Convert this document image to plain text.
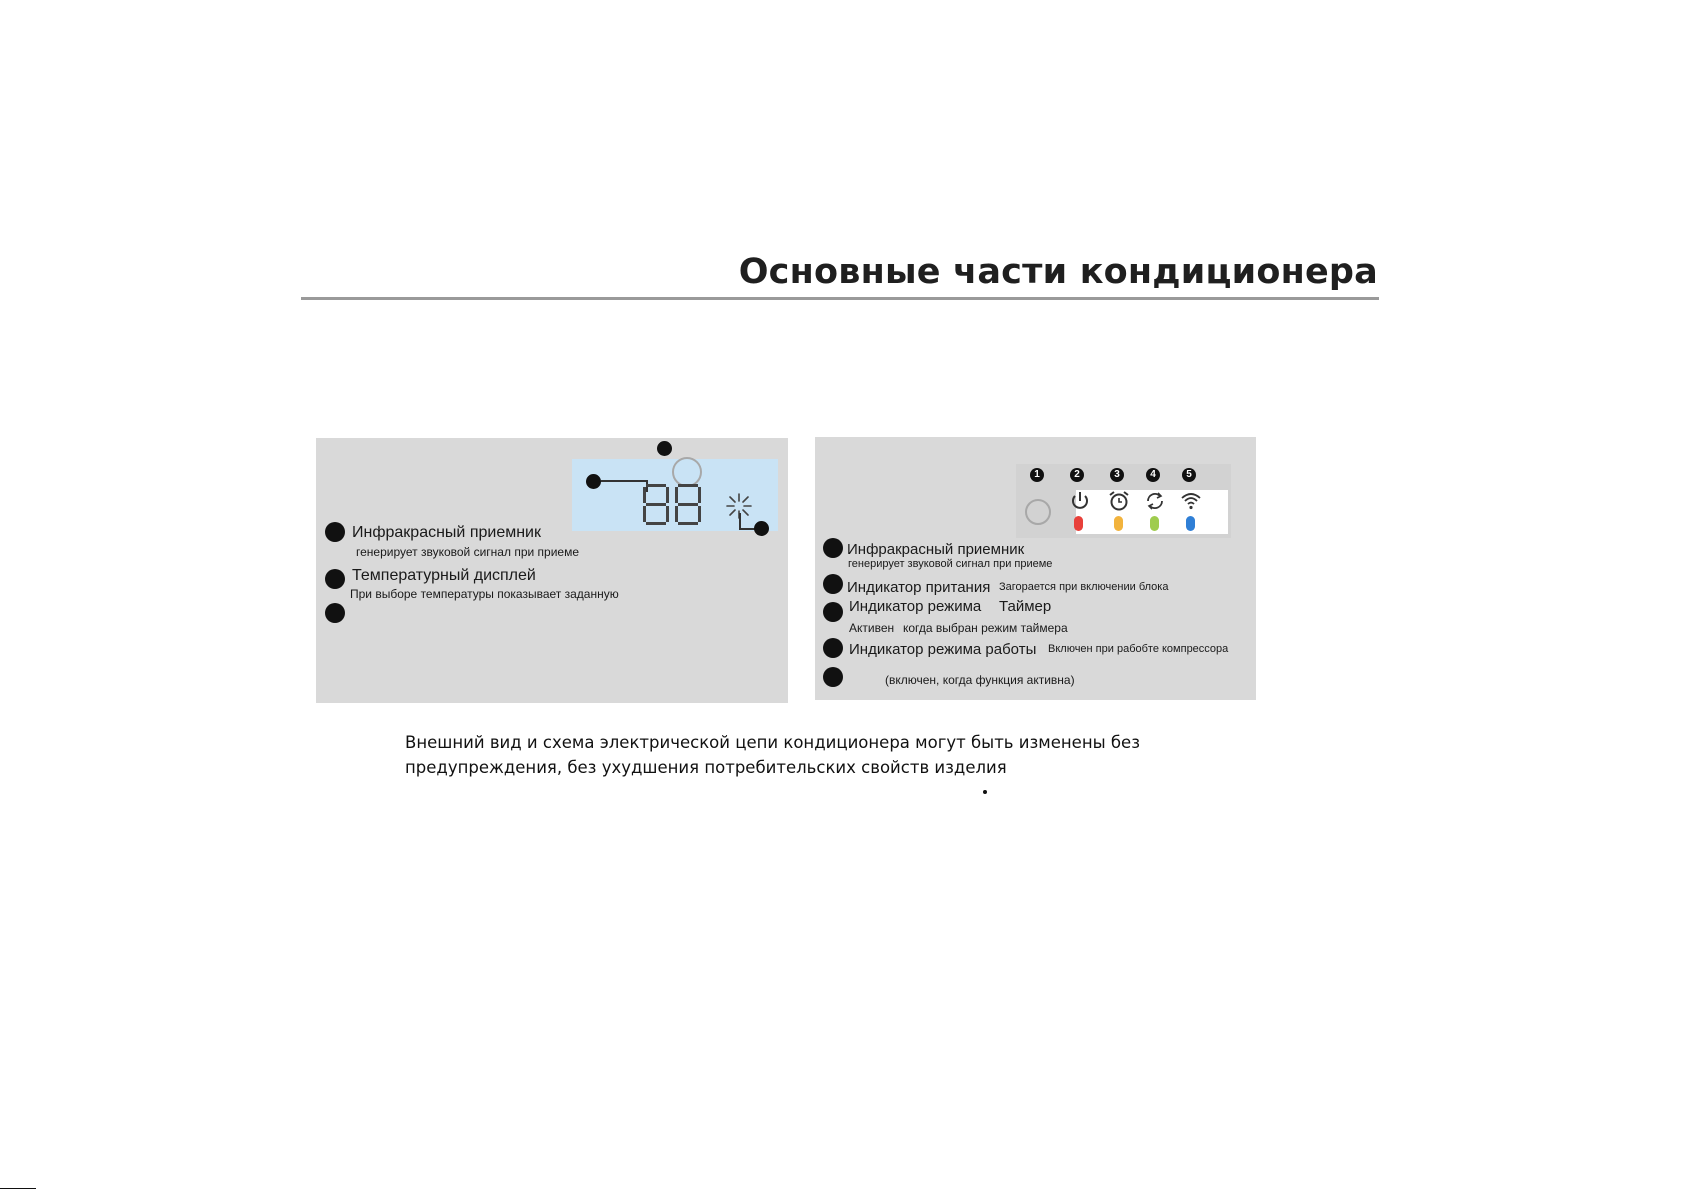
Основные части кондиционера
Инфракрасный приемник
генерирует звуковой сигнал при приеме
Температурный дисплей
При выборе температуры показывает заданную
1	2	3	4	5
Инфракрасный приемник
генерирует звуковой сигнал при приеме
Индикатор притания Загорается при включении блока
Индикатор режима Таймер
Активен когда выбран режим таймера
Индикатор режима работы Включен при рабобте компрессора
(включен, когда функция активна)
Внешний вид и схема электрической цепи кондиционера могут быть изменены без
предупреждения, без ухудшения потребительских свойств изделия
